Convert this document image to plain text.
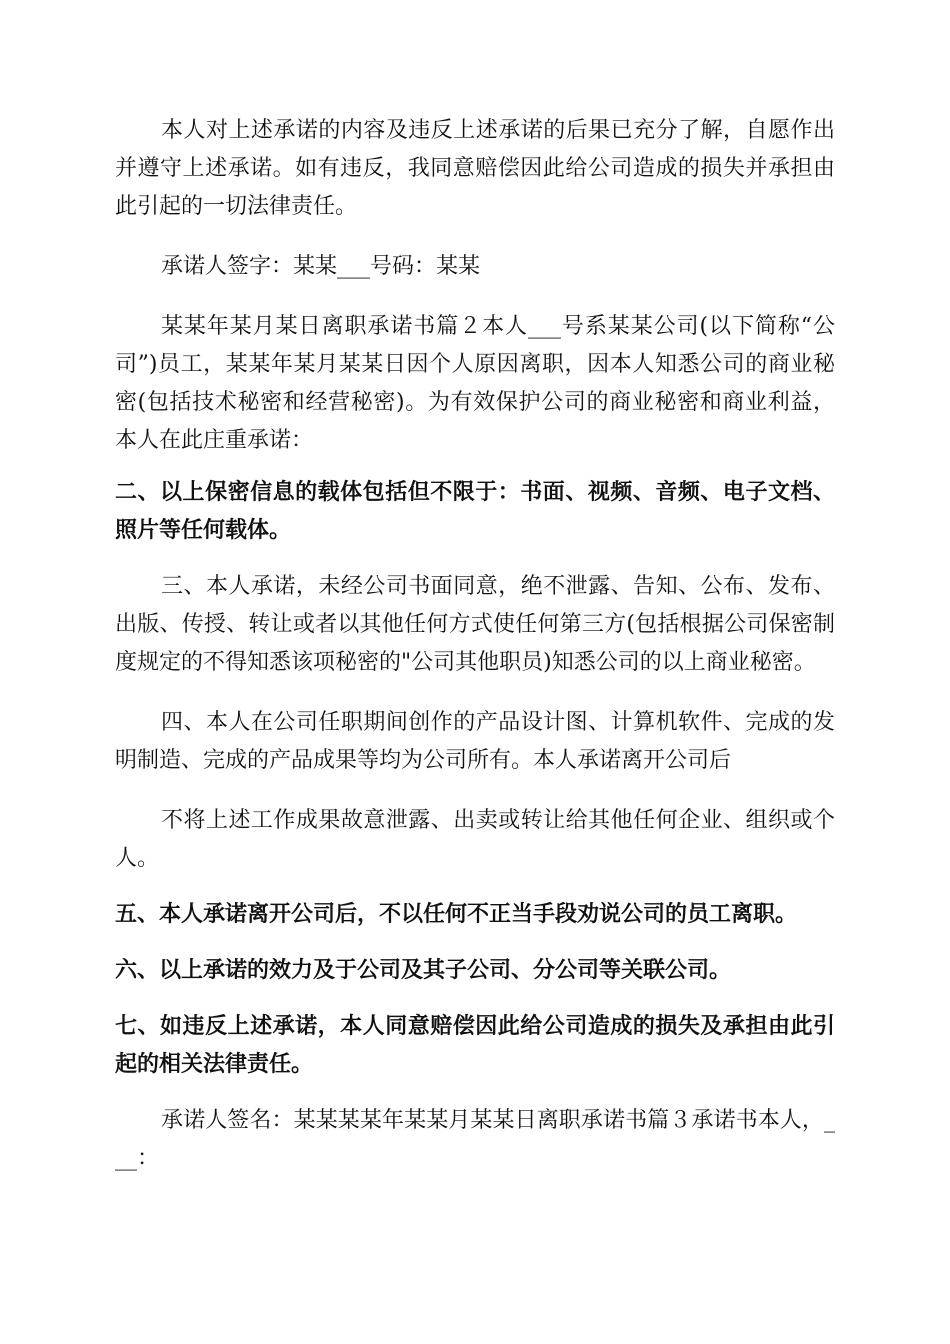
本人对上述承诺的内容及违反上述承诺的后果已充分了解，自愿作出并遵守上述承诺。如有违反，我同意赔偿因此给公司造成的损失并承担由此引起的一切法律责任。

承诺人签字：某某___号码：某某

某某年某月某日离职承诺书篇２本人___号系某某公司(以下简称“公司”)员工，某某年某月某某日因个人原因离职，因本人知悉公司的商业秘密(包括技术秘密和经营秘密)。为有效保护公司的商业秘密和商业利益，本人在此庄重承诺：

二、以上保密信息的载体包括但不限于：书面、视频、音频、电子文档、照片等任何载体。

三、本人承诺，未经公司书面同意，绝不泄露、告知、公布、发布、出版、传授、转让或者以其他任何方式使任何第三方(包括根据公司保密制度规定的不得知悉该项秘密的"公司其他职员)知悉公司的以上商业秘密。

四、本人在公司任职期间创作的产品设计图、计算机软件、完成的发明制造、完成的产品成果等均为公司所有。本人承诺离开公司后

不将上述工作成果故意泄露、出卖或转让给其他任何企业、组织或个人。

五、本人承诺离开公司后，不以任何不正当手段劝说公司的员工离职。

六、以上承诺的效力及于公司及其子公司、分公司等关联公司。

七、如违反上述承诺，本人同意赔偿因此给公司造成的损失及承担由此引起的相关法律责任。

承诺人签名：某某某某年某某月某某日离职承诺书篇３承诺书本人，___：
